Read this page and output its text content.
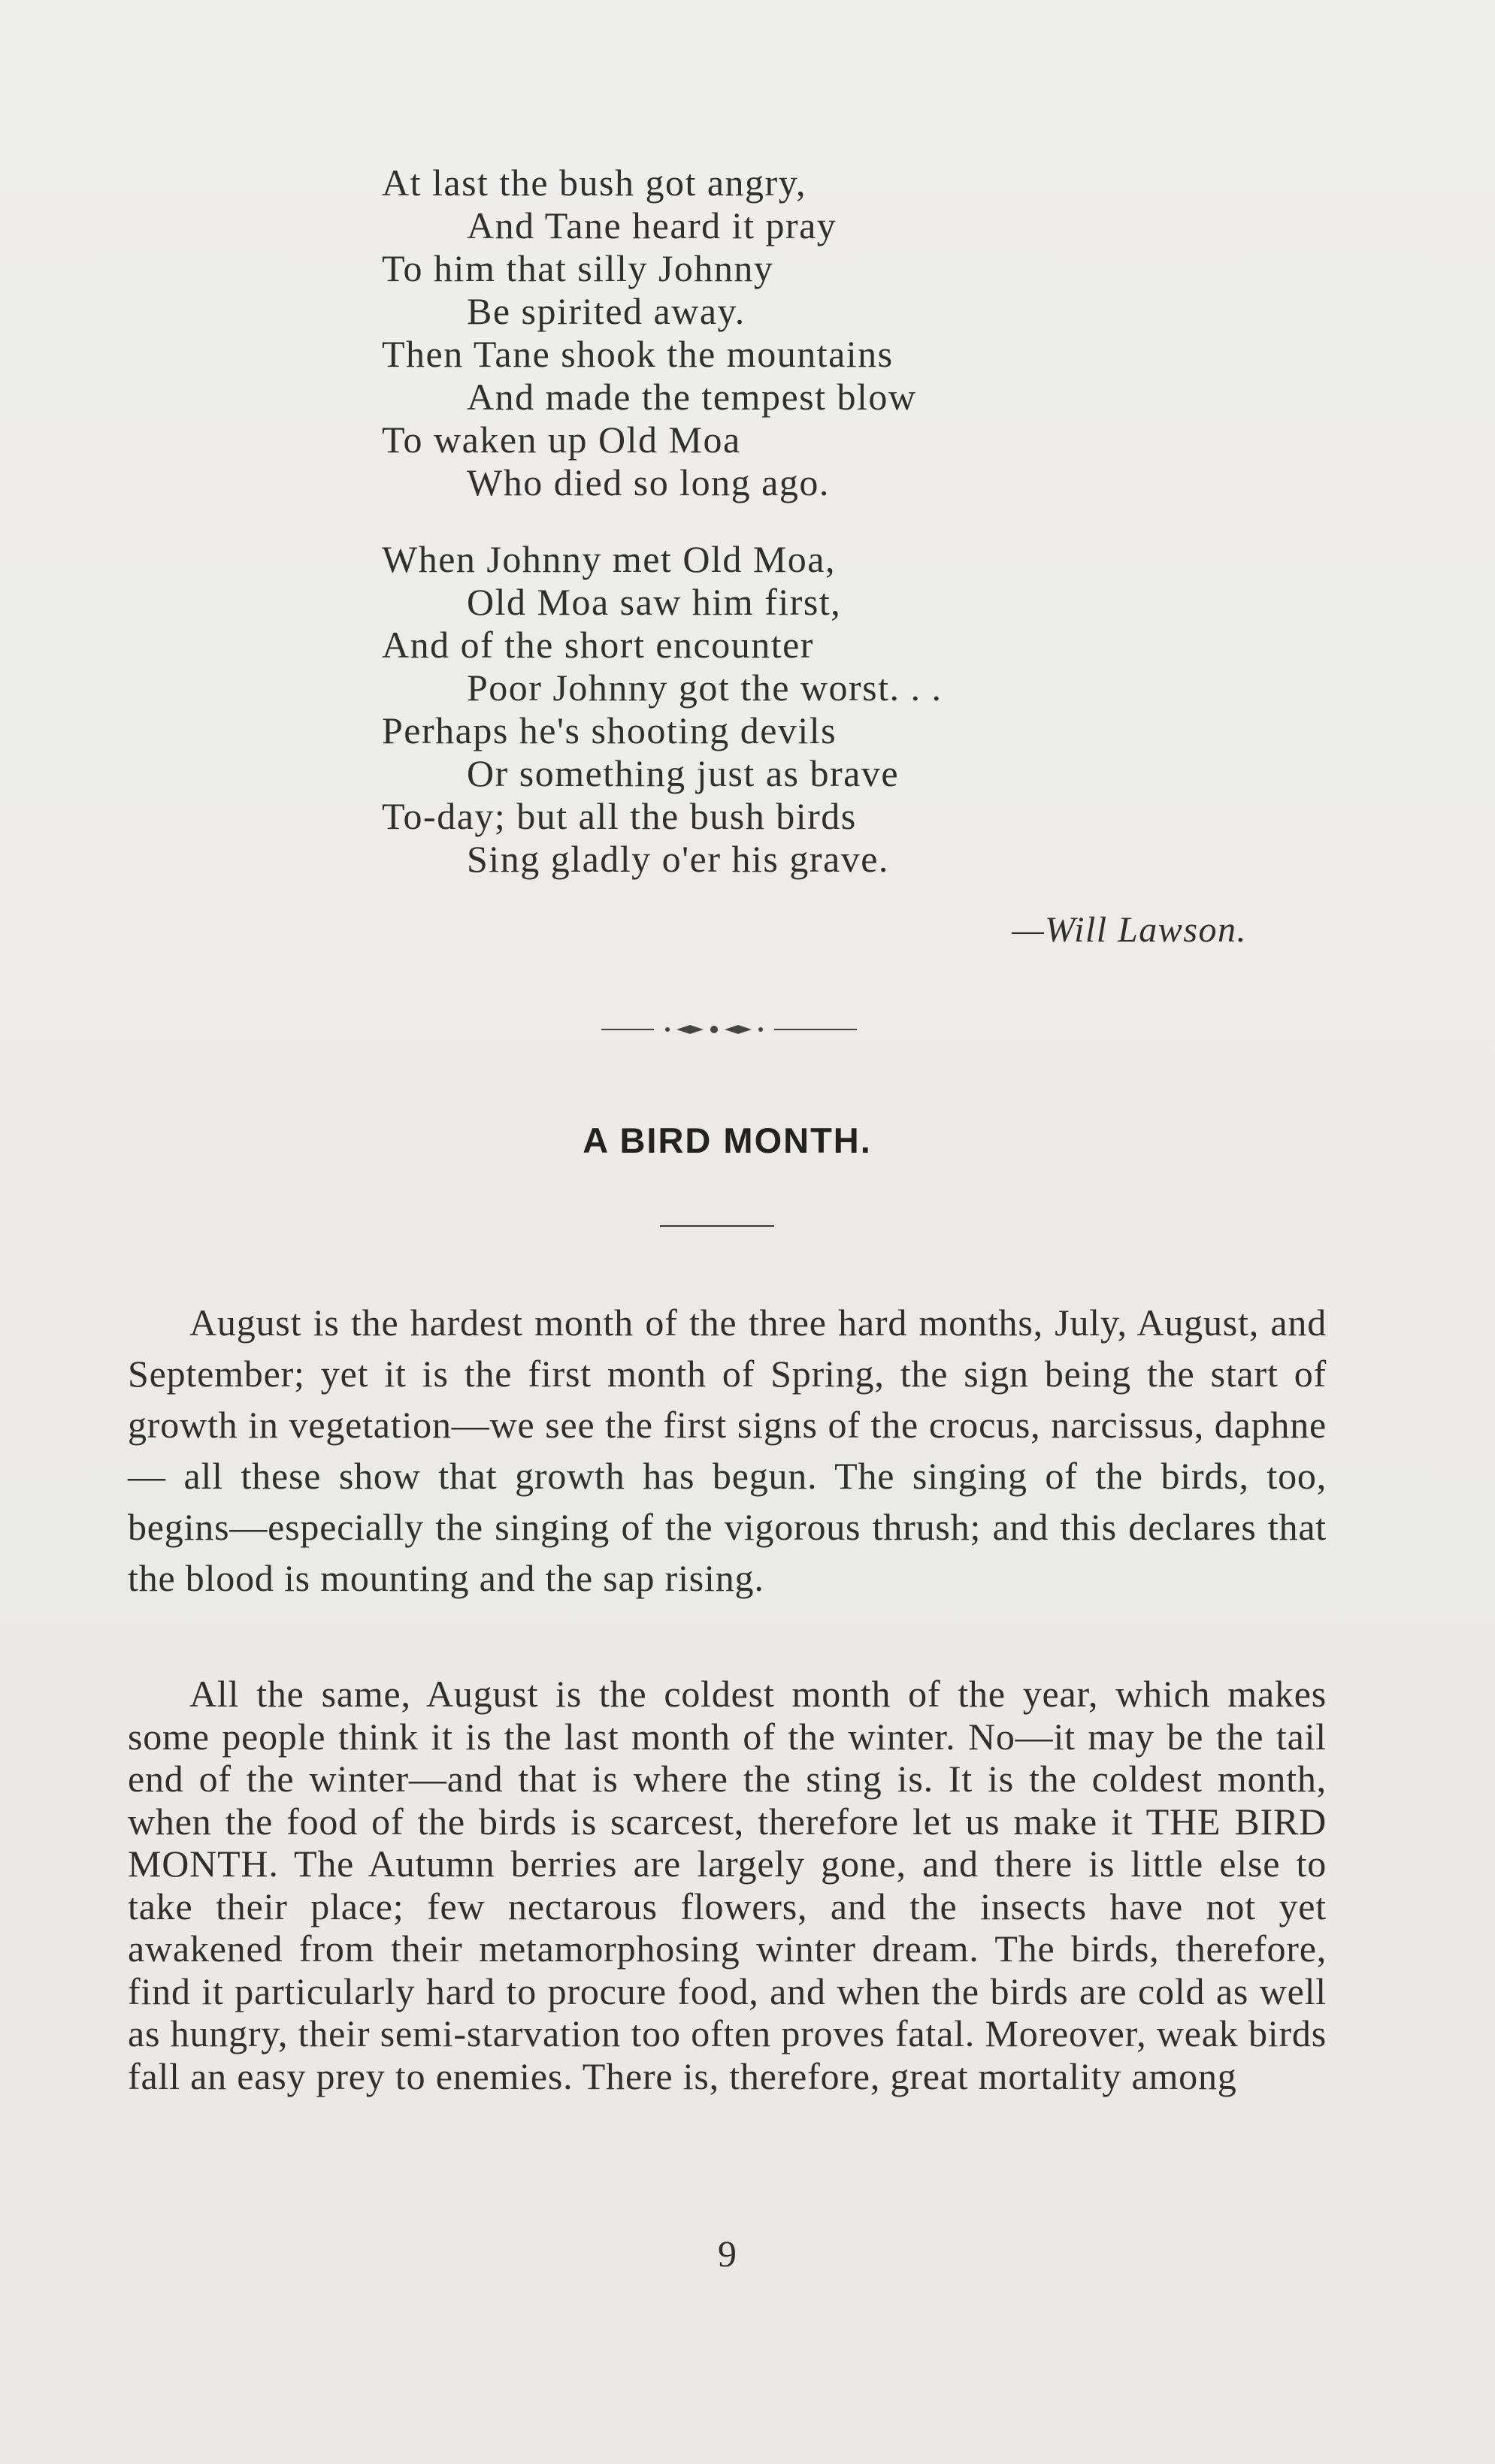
At last the bush got angry,
And Tane heard it pray
To him that silly Johnny
Be spirited away.
Then Tane shook the mountains
And made the tempest blow
To waken up Old Moa
Who died so long ago.
When Johnny met Old Moa,
Old Moa saw him first,
And of the short encounter
Poor Johnny got the worst. . .
Perhaps he's shooting devils
Or something just as brave
To-day; but all the bush birds
Sing gladly o'er his grave.
—Will Lawson.
A BIRD MONTH.
August is the hardest month of the three hard months, July, August, and September; yet it is the first month of Spring, the sign being the start of growth in vegetation—we see the first signs of the crocus, narcissus, daphne — all these show that growth has begun. The singing of the birds, too, begins—especially the singing of the vigorous thrush; and this declares that the blood is mounting and the sap rising.
All the same, August is the coldest month of the year, which makes some people think it is the last month of the winter. No—it may be the tail end of the winter—and that is where the sting is. It is the coldest month, when the food of the birds is scarcest, therefore let us make it THE BIRD MONTH. The Autumn berries are largely gone, and there is little else to take their place; few nectarous flowers, and the insects have not yet awakened from their metamorphosing winter dream. The birds, therefore, find it particularly hard to procure food, and when the birds are cold as well as hungry, their semi-starvation too often proves fatal. Moreover, weak birds fall an easy prey to enemies. There is, therefore, great mortality among
9
